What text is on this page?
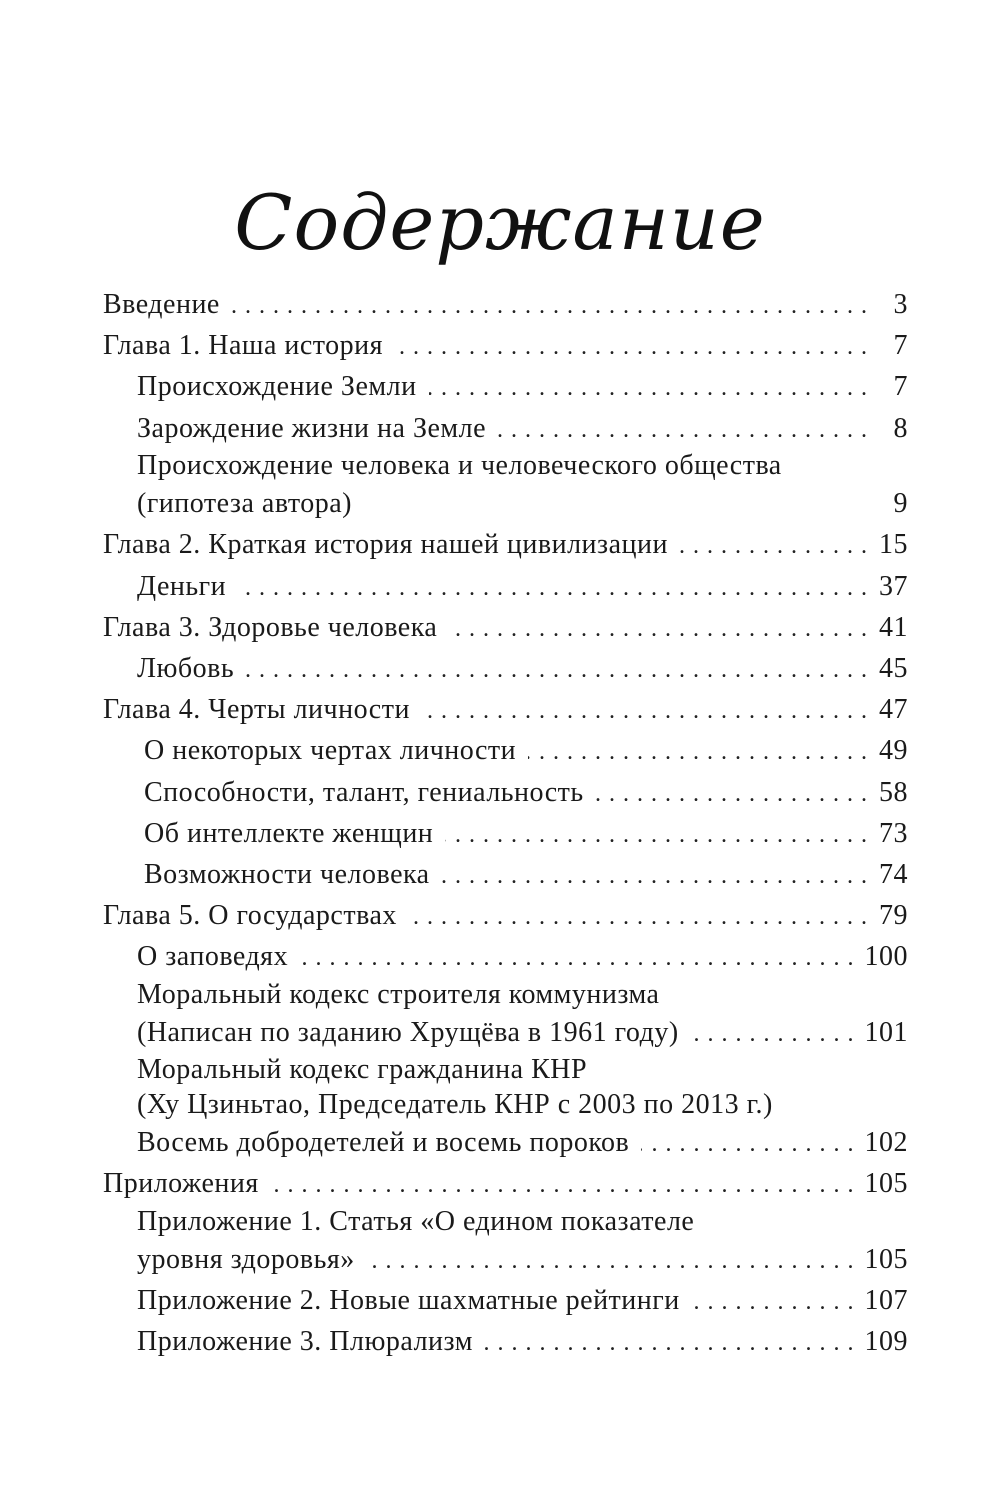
Содержание
Введение . . .	3
Глава 1. Наша история . . .	7
Происхождение Земли . . .	7
Зарождение жизни на Земле . . .	8
Происхождение человека и человеческого общества
(гипотеза автора)	9
Глава 2. Краткая история нашей цивилизации . . .	15
Деньги . . .	37
Глава 3. Здоровье человека . . .	41
Любовь . . .	45
Глава 4. Черты личности . . .	47
О некоторых чертах личности . . .	49
Способности, талант, гениальность . . .	58
Об интеллекте женщин . . .	73
Возможности человека . . .	74
Глава 5. О государствах . . .	79
О заповедях . . .	100
Моральный кодекс строителя коммунизма
(Написан по заданию Хрущёва в 1961 году) . . .	101
Моральный кодекс гражданина КНР
(Ху Цзиньтао, Председатель КНР с 2003 по 2013 г.)
Восемь добродетелей и восемь пороков . . .	102
Приложения . . .	105
Приложение 1. Статья «О едином показателе
уровня здоровья» . . .	105
Приложение 2. Новые шахматные рейтинги . . .	107
Приложение 3. Плюрализм . . .	109
